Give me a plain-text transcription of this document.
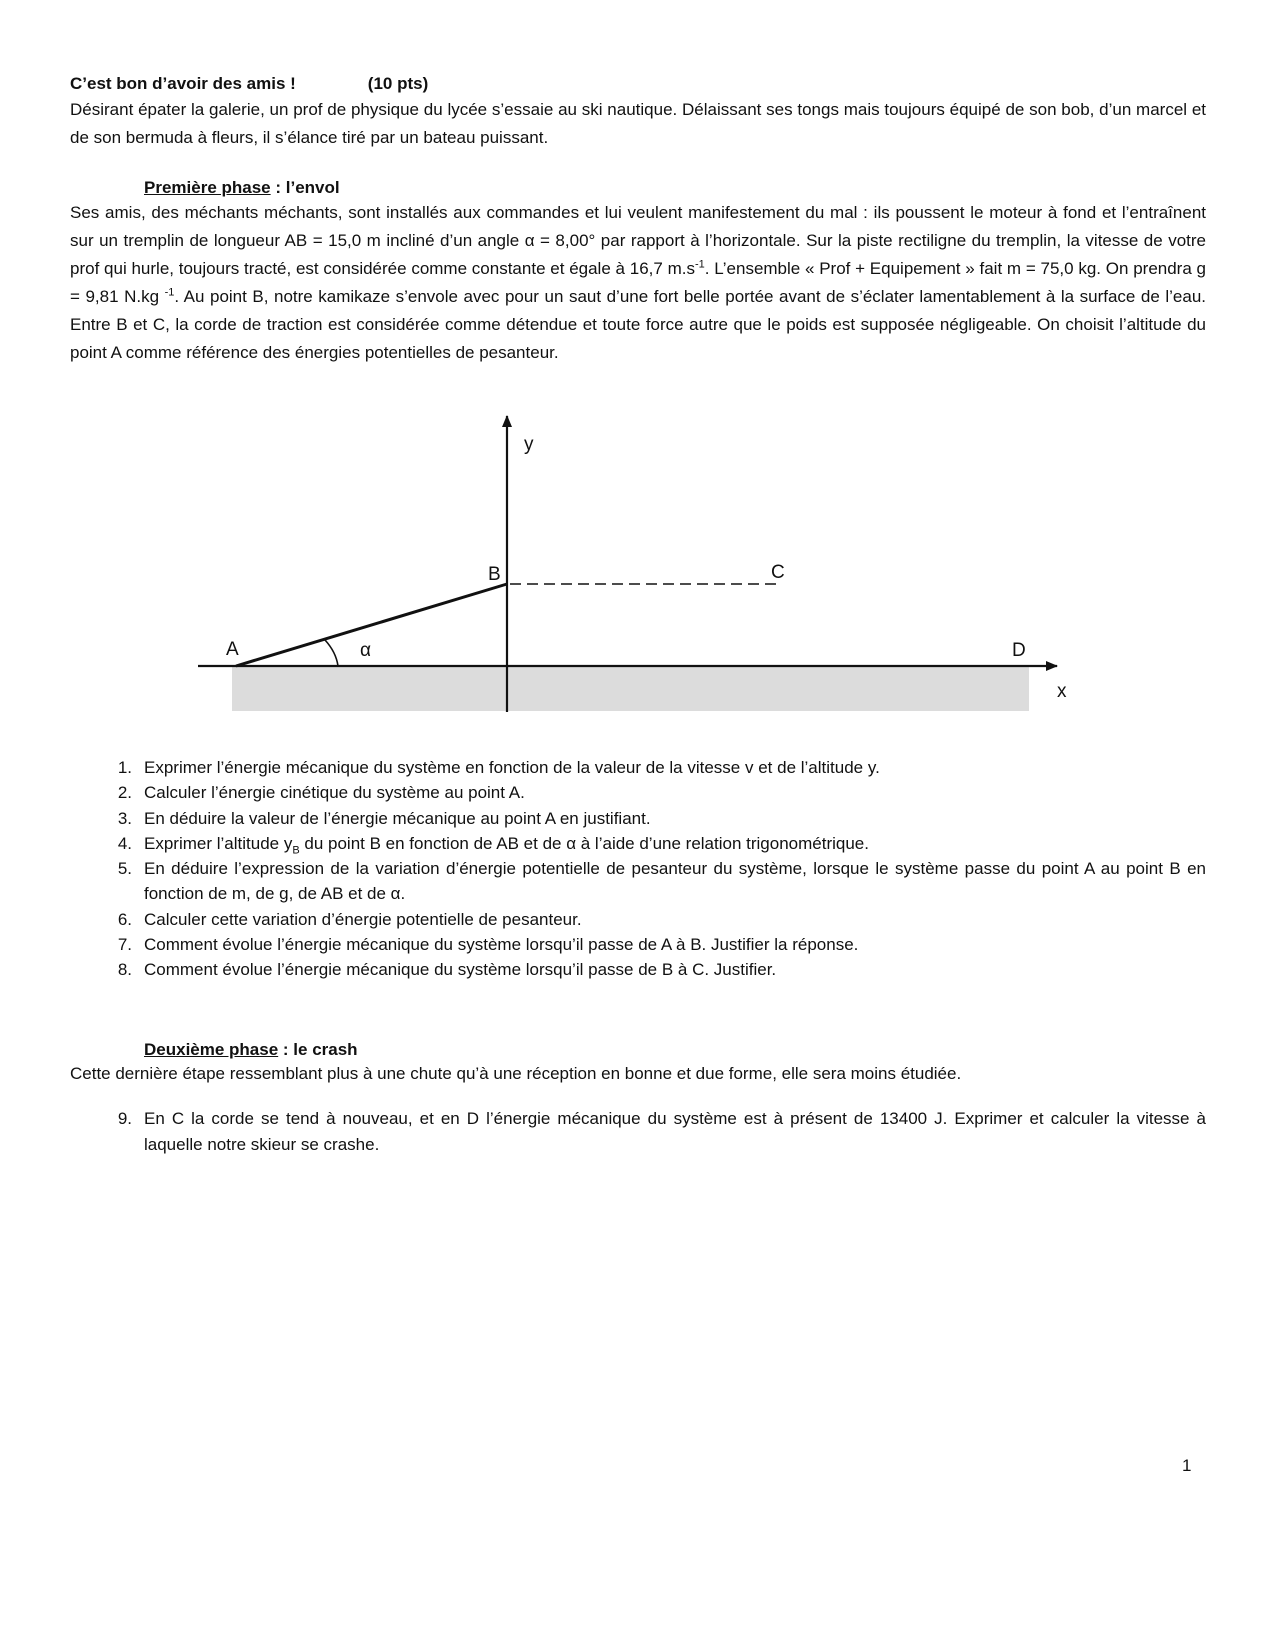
C’est bon d’avoir des amis !	(10 pts)

Désirant épater la galerie, un prof de physique du lycée s’essaie au ski nautique. Délaissant ses tongs mais toujours équipé de son bob, d’un marcel et de son bermuda à fleurs, il s’élance tiré par un bateau puissant.

Première phase : l’envol

Ses amis, des méchants méchants, sont installés aux commandes et lui veulent manifestement du mal : ils poussent le moteur à fond et l’entraînent sur un tremplin de longueur AB = 15,0 m incliné d’un angle α = 8,00° par rapport à l’horizontale. Sur la piste rectiligne du tremplin, la vitesse de votre prof qui hurle, toujours tracté, est considérée comme constante et égale à 16,7 $m.s^{-1}$. L’ensemble « Prof + Equipement » fait m = 75,0 kg. On prendra g = 9,81 N.kg $^{-1}$. Au point B, notre kamikaze s’envole avec pour un saut d’une fort belle portée avant de s’éclater lamentablement à la surface de l’eau. Entre B et C, la corde de traction est considérée comme détendue et toute force autre que le poids est supposée négligeable. On choisit l’altitude du point A comme référence des énergies potentielles de pesanteur.

y
B	C
A	α	D
x
1. Exprimer l’énergie mécanique du système en fonction de la valeur de la vitesse v et de l’altitude y.
2. Calculer l’énergie cinétique du système au point A.
3. En déduire la valeur de l’énergie mécanique au point A en justifiant.
4. Exprimer l’altitude $y_B$ du point B en fonction de AB et de α à l’aide d’une relation trigonométrique.
5. En déduire l’expression de la variation d’énergie potentielle de pesanteur du système, lorsque le système passe du point A au point B en fonction de m, de g, de AB et de α.
6. Calculer cette variation d’énergie potentielle de pesanteur.
7. Comment évolue l’énergie mécanique du système lorsqu’il passe de A à B. Justifier la réponse.
8. Comment évolue l’énergie mécanique du système lorsqu’il passe de B à C. Justifier.
Deuxième phase : le crash

Cette dernière étape ressemblant plus à une chute qu’à une réception en bonne et due forme, elle sera moins étudiée.

9. En C la corde se tend à nouveau, et en D l’énergie mécanique du système est à présent de 13400 J. Exprimer et calculer la vitesse à laquelle notre skieur se crashe.
1
